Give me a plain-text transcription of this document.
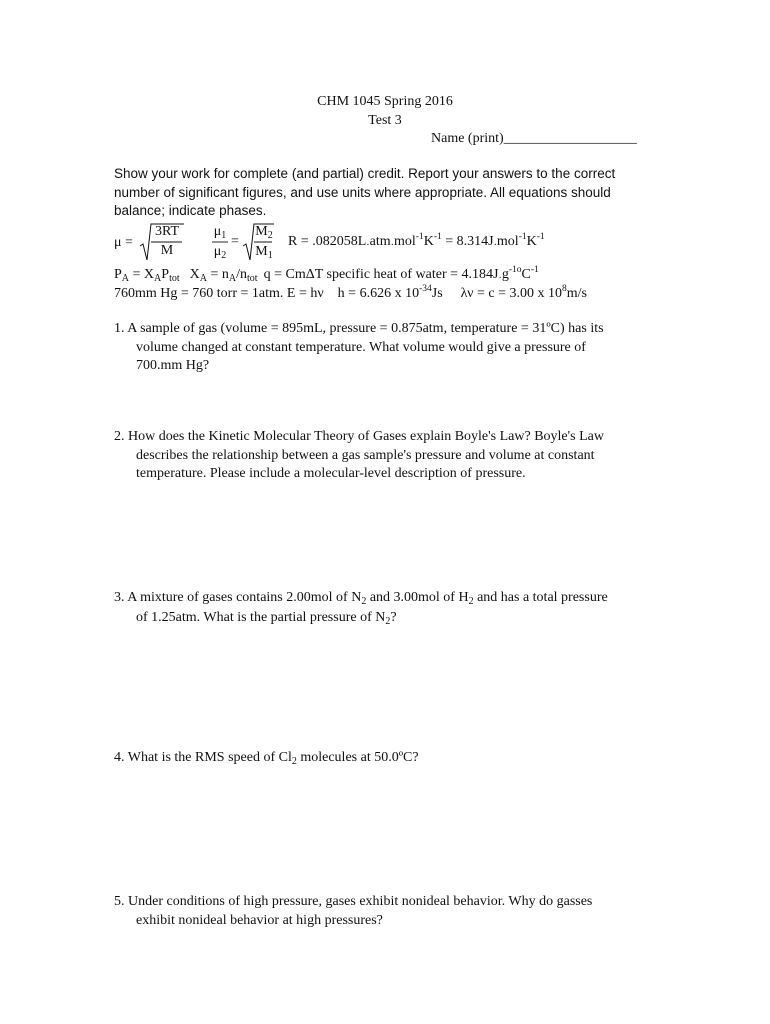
CHM 1045 Spring 2016
Test 3
Name (print)___________________
Show your work for complete (and partial) credit. Report your answers to the correct number of significant figures, and use units where appropriate. All equations should balance; indicate phases.
μ =
3RT
M
$\mu_1$
$\mu_2$
=
$M_2$
$M_1$
$R = .082058L_\cdot atm_\cdot mol^{-1}K^{-1} = 8.314J_\cdot mol^{-1}K^{-1}$
$P_A = X_AP_{tot}$ $X_A = n_A/n_{tot}$ q = CmΔT specific heat of water = $4.184J_\cdot g^{-1o}C^{-1}$
760mm Hg = 760 torr = 1atm. E = hν h = 6.626 x $10^{-34}Js$ λν = c = 3.00 x $10^8m/s$
1. A sample of gas (volume = 895mL, pressure = 0.875atm, temperature = 31ºC) has its
volume changed at constant temperature. What volume would give a pressure of
700.mm Hg?
2. How does the Kinetic Molecular Theory of Gases explain Boyle's Law? Boyle's Law
describes the relationship between a gas sample's pressure and volume at constant
temperature. Please include a molecular-level description of pressure.
3. A mixture of gases contains 2.00mol of $N_2$ and 3.00mol of $H_2$ and has a total pressure
of 1.25atm. What is the partial pressure of $N_2$?
4. What is the RMS speed of $Cl_2$ molecules at 50.0ºC?
5. Under conditions of high pressure, gases exhibit nonideal behavior. Why do gasses
exhibit nonideal behavior at high pressures?
